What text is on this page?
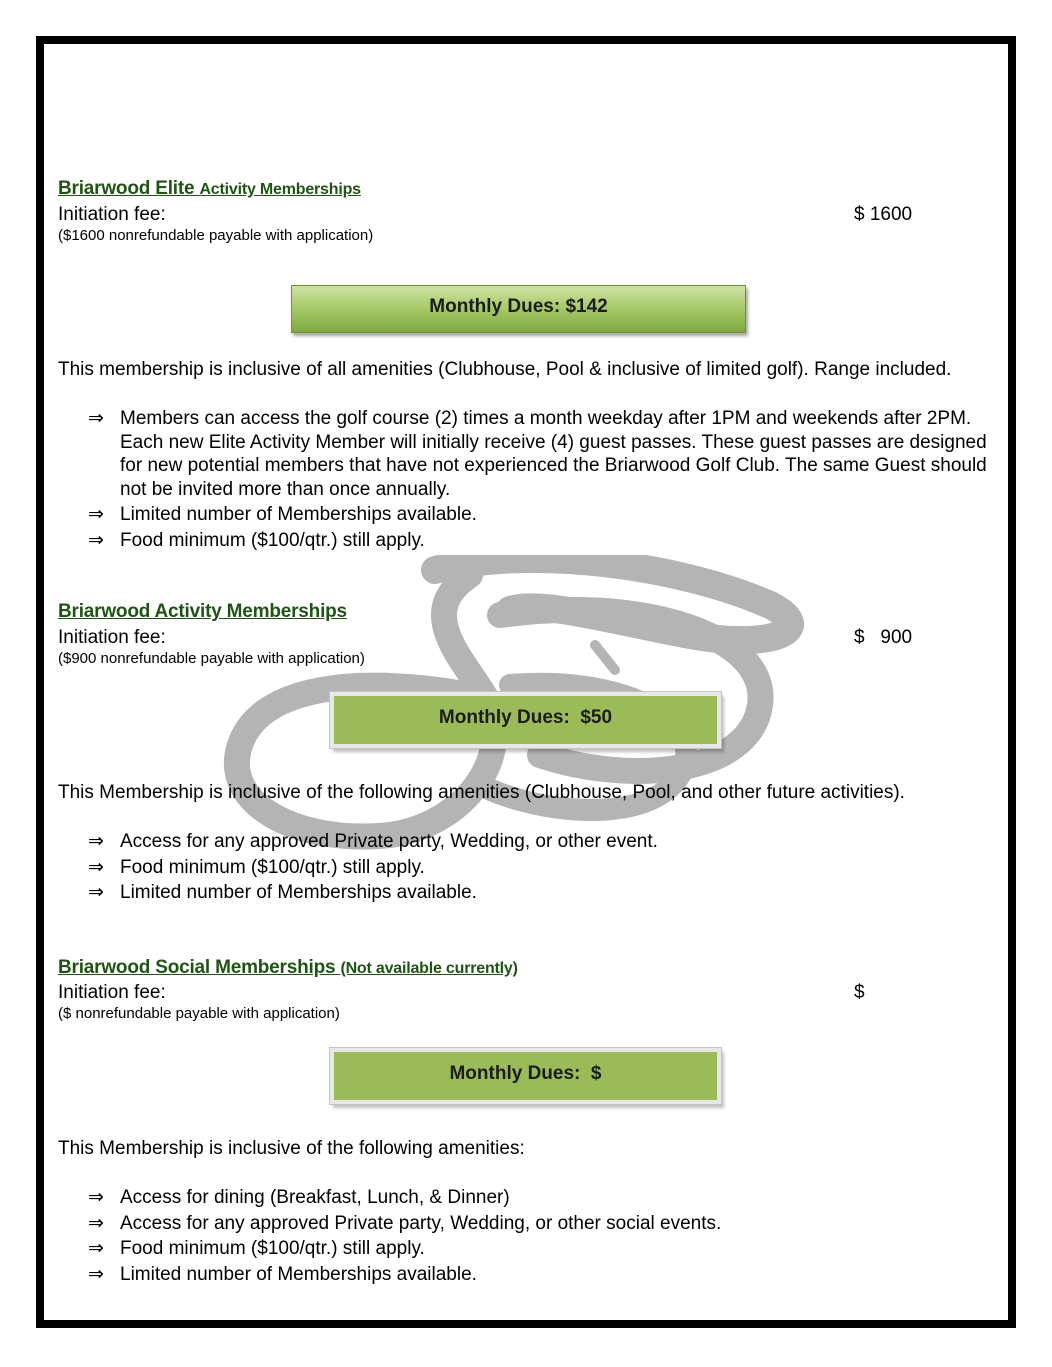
Briarwood Elite Activity Memberships
Initiation fee:	$ 1600
($1600 nonrefundable payable with application)
Monthly Dues: $142
This membership is inclusive of all amenities (Clubhouse, Pool & inclusive of limited golf). Range included.
⇒ Members can access the golf course (2) times a month weekday after 1PM and weekends after 2PM. Each new Elite Activity Member will initially receive (4) guest passes. These guest passes are designed for new potential members that have not experienced the Briarwood Golf Club. The same Guest should not be invited more than once annually.
⇒ Limited number of Memberships available.
⇒ Food minimum ($100/qtr.) still apply.
Briarwood Activity Memberships
Initiation fee:	$   900
($900 nonrefundable payable with application)
Monthly Dues:  $50
This Membership is inclusive of the following amenities (Clubhouse, Pool, and other future activities).
⇒ Access for any approved Private party, Wedding, or other event.
⇒ Food minimum ($100/qtr.) still apply.
⇒ Limited number of Memberships available.
Briarwood Social Memberships (Not available currently)
Initiation fee:	$
($ nonrefundable payable with application)
Monthly Dues:  $
This Membership is inclusive of the following amenities:
⇒ Access for dining (Breakfast, Lunch, & Dinner)
⇒ Access for any approved Private party, Wedding, or other social events.
⇒ Food minimum ($100/qtr.) still apply.
⇒ Limited number of Memberships available.
